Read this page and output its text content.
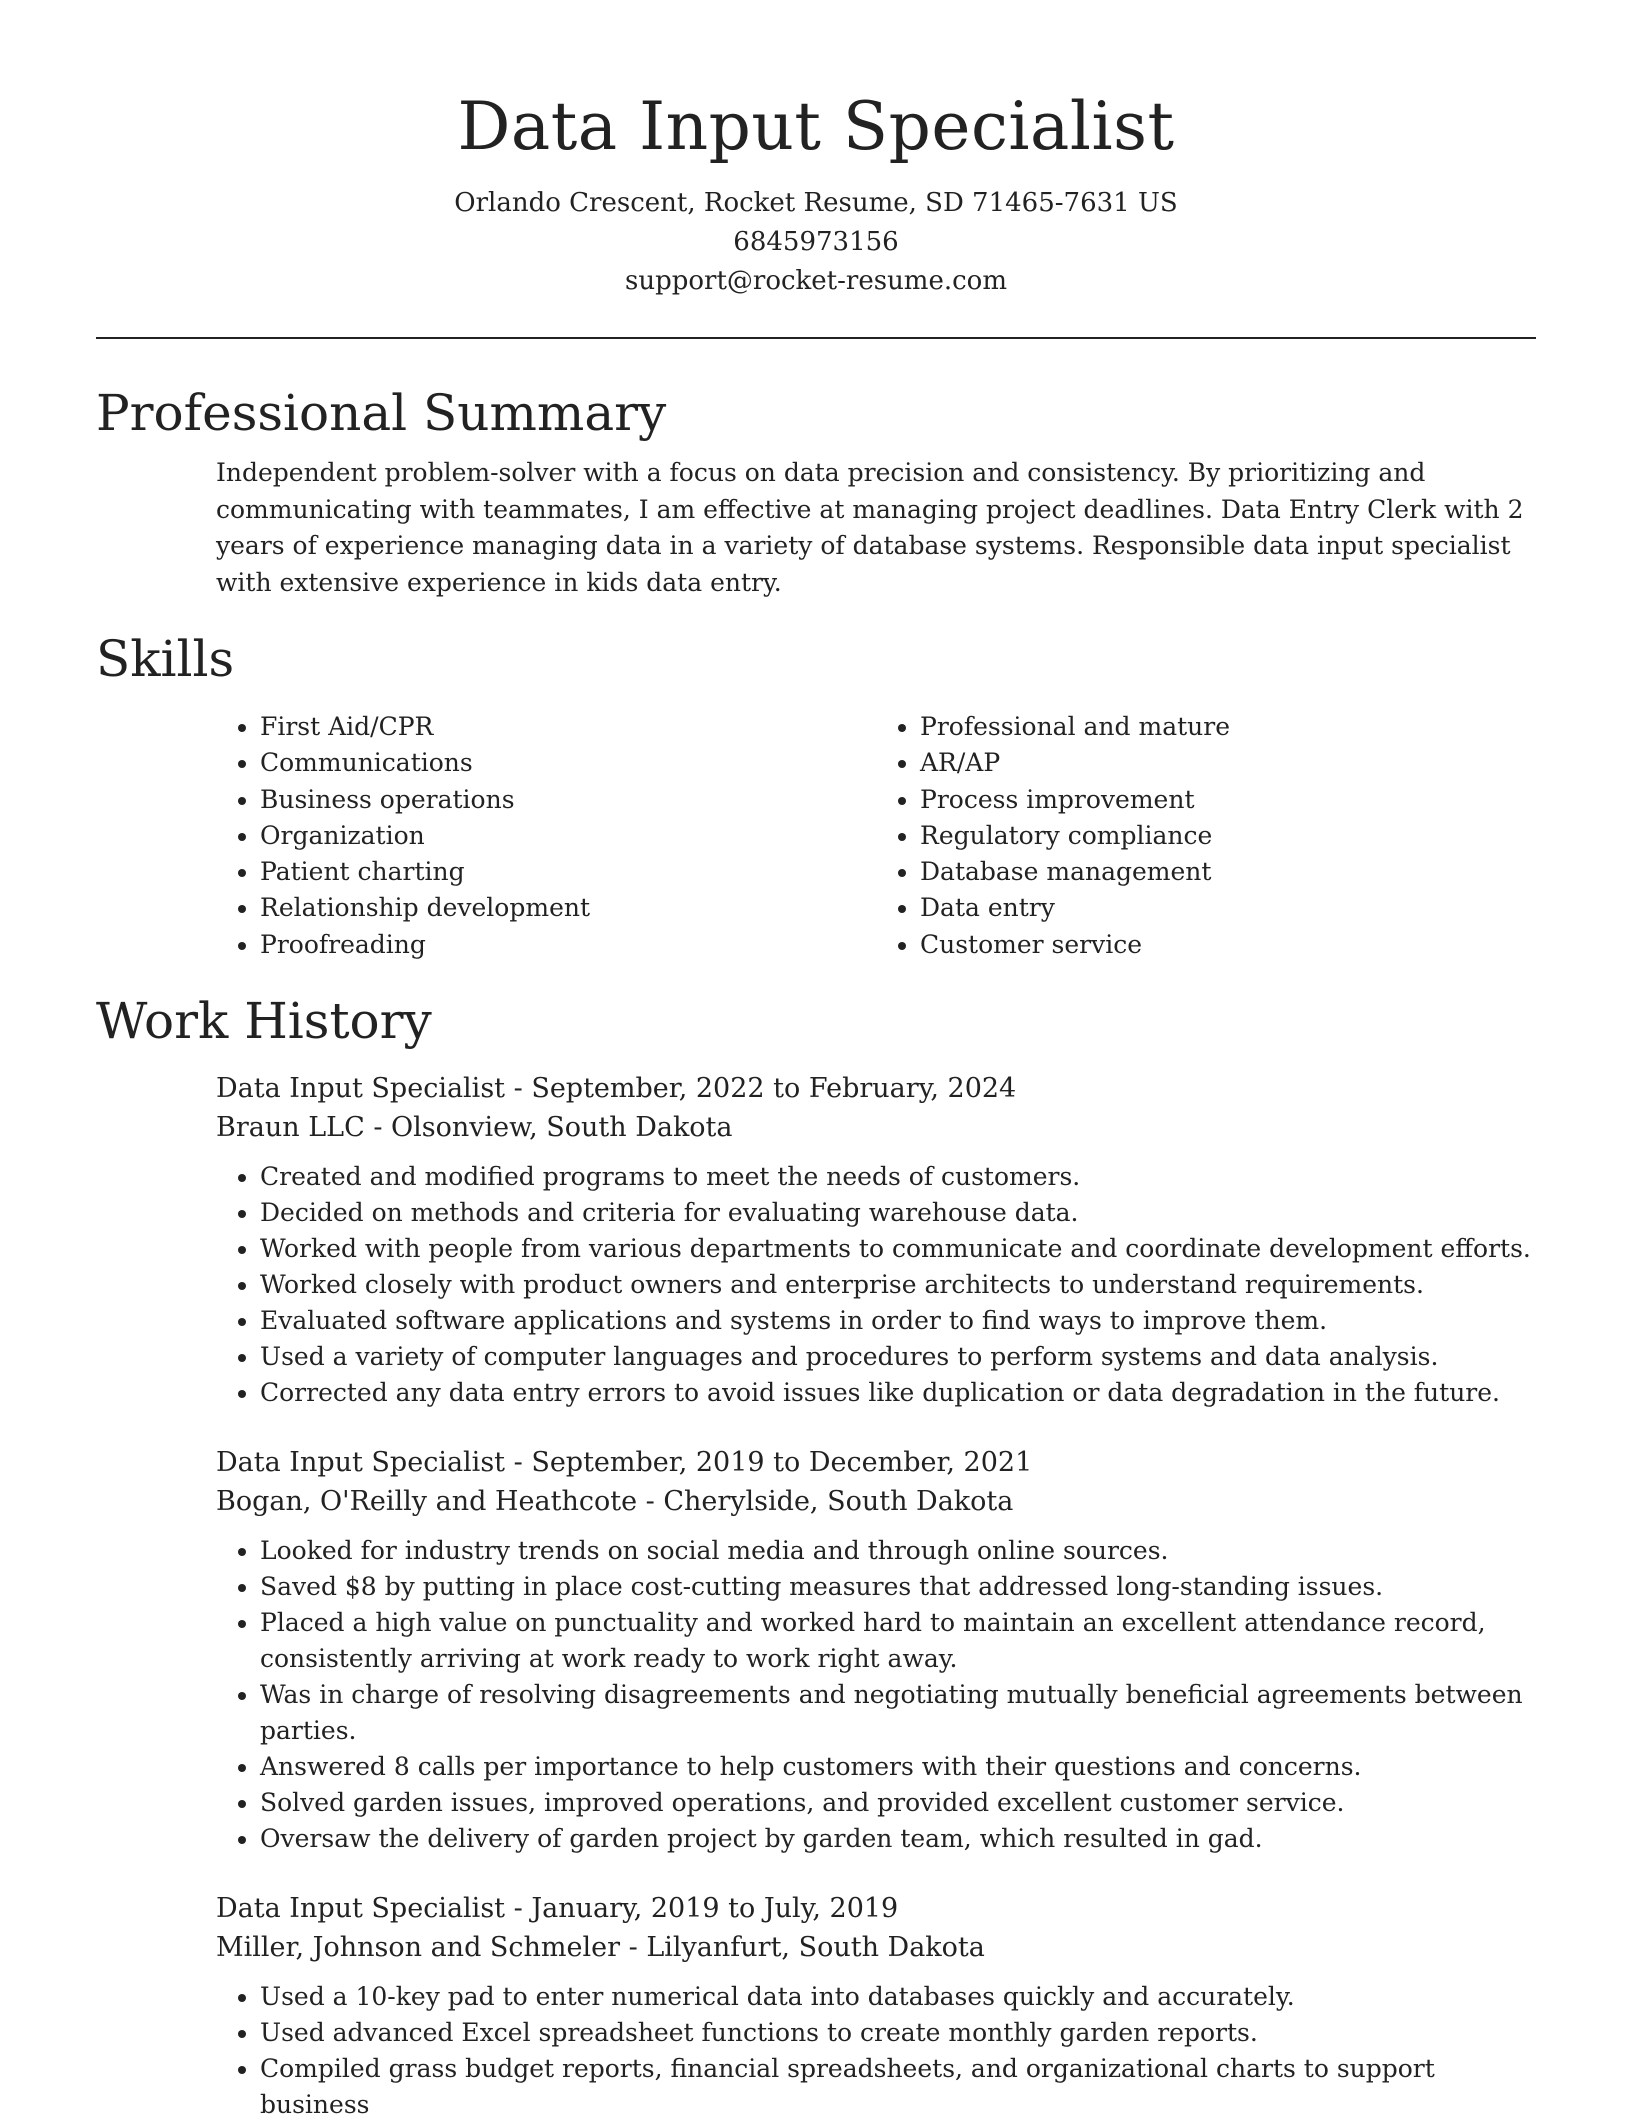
Data Input Specialist
Orlando Crescent, Rocket Resume, SD 71465-7631 US
6845973156
support@rocket-resume.com
Professional Summary

Independent problem-solver with a focus on data precision and consistency. By prioritizing and communicating with teammates, I am effective at managing project deadlines. Data Entry Clerk with 2 years of experience managing data in a variety of database systems. Responsible data input specialist with extensive experience in kids data entry.

Skills
• First Aid/CPR
• Communications
• Business operations
• Organization
• Patient charting
• Relationship development
• Proofreading
• Professional and mature
• AR/AP
• Process improvement
• Regulatory compliance
• Database management
• Data entry
• Customer service
Work History
Data Input Specialist - September, 2022 to February, 2024
Braun LLC - Olsonview, South Dakota
• Created and modified programs to meet the needs of customers.
• Decided on methods and criteria for evaluating warehouse data.
• Worked with people from various departments to communicate and coordinate development efforts.
• Worked closely with product owners and enterprise architects to understand requirements.
• Evaluated software applications and systems in order to find ways to improve them.
• Used a variety of computer languages and procedures to perform systems and data analysis.
• Corrected any data entry errors to avoid issues like duplication or data degradation in the future.
Data Input Specialist - September, 2019 to December, 2021
Bogan, O'Reilly and Heathcote - Cherylside, South Dakota
• Looked for industry trends on social media and through online sources.
• Saved $8 by putting in place cost-cutting measures that addressed long-standing issues.
• Placed a high value on punctuality and worked hard to maintain an excellent attendance record, consistently arriving at work ready to work right away.
• Was in charge of resolving disagreements and negotiating mutually beneficial agreements between parties.
• Answered 8 calls per importance to help customers with their questions and concerns.
• Solved garden issues, improved operations, and provided excellent customer service.
• Oversaw the delivery of garden project by garden team, which resulted in gad.
Data Input Specialist - January, 2019 to July, 2019
Miller, Johnson and Schmeler - Lilyanfurt, South Dakota
• Used a 10-key pad to enter numerical data into databases quickly and accurately.
• Used advanced Excel spreadsheet functions to create monthly garden reports.
• Compiled grass budget reports, financial spreadsheets, and organizational charts to support business
